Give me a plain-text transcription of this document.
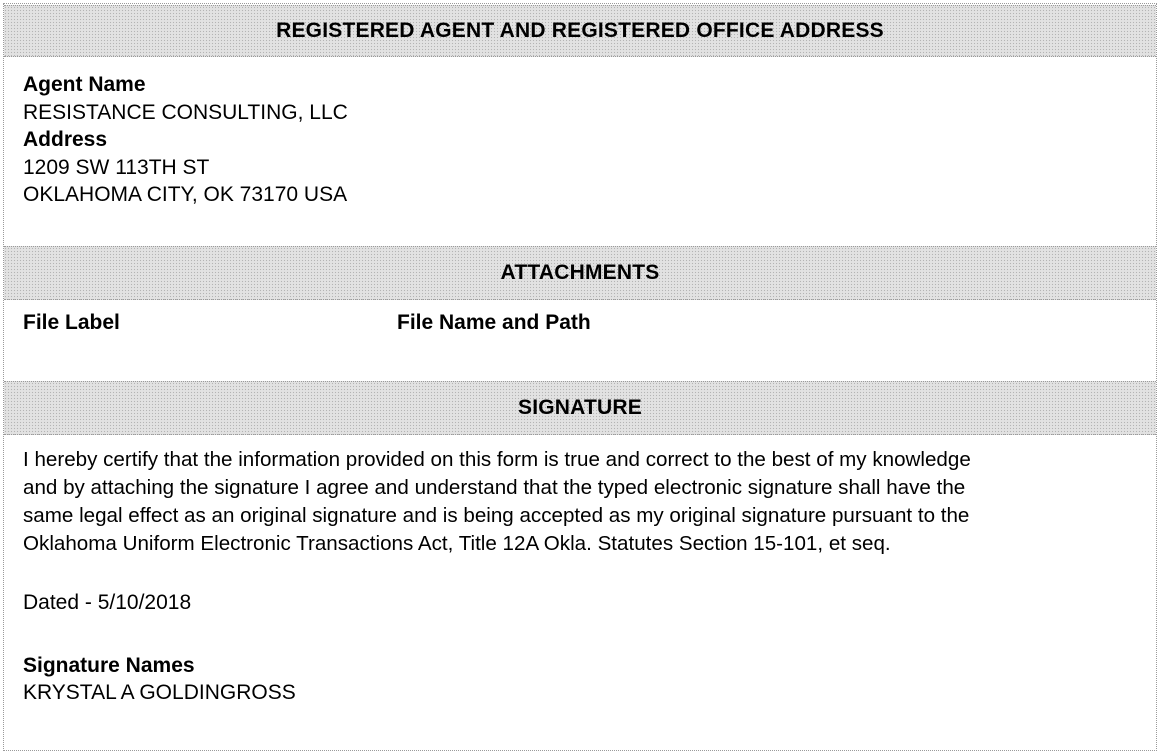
REGISTERED AGENT AND REGISTERED OFFICE ADDRESS
Agent Name
RESISTANCE CONSULTING, LLC
Address
1209 SW 113TH ST
OKLAHOMA CITY, OK 73170 USA
ATTACHMENTS
File Label	File Name and Path
SIGNATURE
I hereby certify that the information provided on this form is true and correct to the best of my knowledge
and by attaching the signature I agree and understand that the typed electronic signature shall have the
same legal effect as an original signature and is being accepted as my original signature pursuant to the
Oklahoma Uniform Electronic Transactions Act, Title 12A Okla. Statutes Section 15-101, et seq.
Dated - 5/10/2018
Signature Names
KRYSTAL A GOLDINGROSS
